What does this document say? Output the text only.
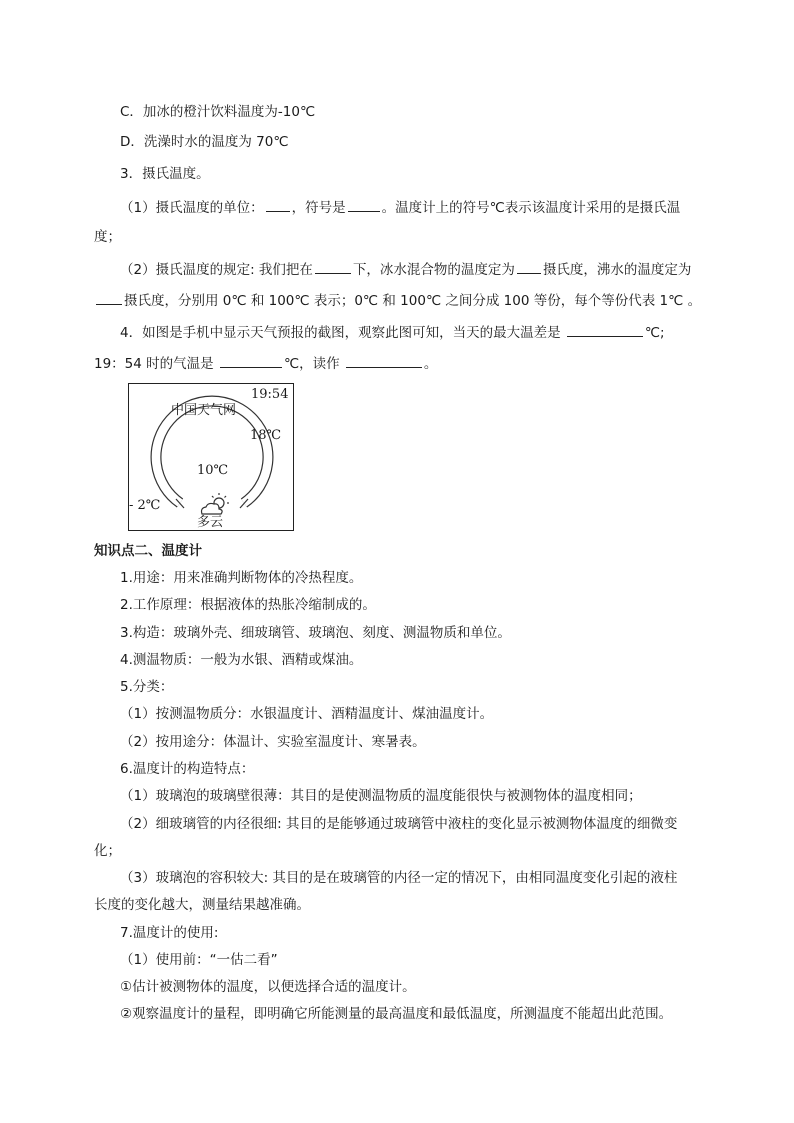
C．加冰的橙汁饮料温度为-10℃
D．洗澡时水的温度为 70℃
3．摄氏温度。
（1）摄氏温度的单位： ，符号是	。温度计上的符号℃表示该温度计采用的是摄氏温
度；
（2）摄氏温度的规定: 我们把在	下，冰水混合物的温度定为 摄氏度，沸水的温度定为
摄氏度，分别用 0℃ 和 100℃ 表示；0℃ 和 100℃ 之间分成 100 等份，每个等份代表 1℃ 。
4．如图是手机中显示天气预报的截图，观察此图可知，当天的最大温差是	℃;
19：54 时的气温是	℃，读作	。
19:54
中国天气网
18℃
10℃
- 2℃
多云
知识点二、温度计
1.用途：用来准确判断物体的冷热程度。
2.工作原理：根据液体的热胀冷缩制成的。
3.构造：玻璃外壳、细玻璃管、玻璃泡、刻度、测温物质和单位。
4.测温物质：一般为水银、酒精或煤油。
5.分类：
（1）按测温物质分：水银温度计、酒精温度计、煤油温度计。
（2）按用途分：体温计、实验室温度计、寒暑表。
6.温度计的构造特点：
（1）玻璃泡的玻璃壁很薄：其目的是使测温物质的温度能很快与被测物体的温度相同；
（2）细玻璃管的内径很细: 其目的是能够通过玻璃管中液柱的变化显示被测物体温度的细微变
化；
（3）玻璃泡的容积较大: 其目的是在玻璃管的内径一定的情况下，由相同温度变化引起的液柱
长度的变化越大，测量结果越准确。
7.温度计的使用:
（1）使用前：“一估二看”
①估计被测物体的温度，以便选择合适的温度计。
②观察温度计的量程，即明确它所能测量的最高温度和最低温度，所测温度不能超出此范围。
